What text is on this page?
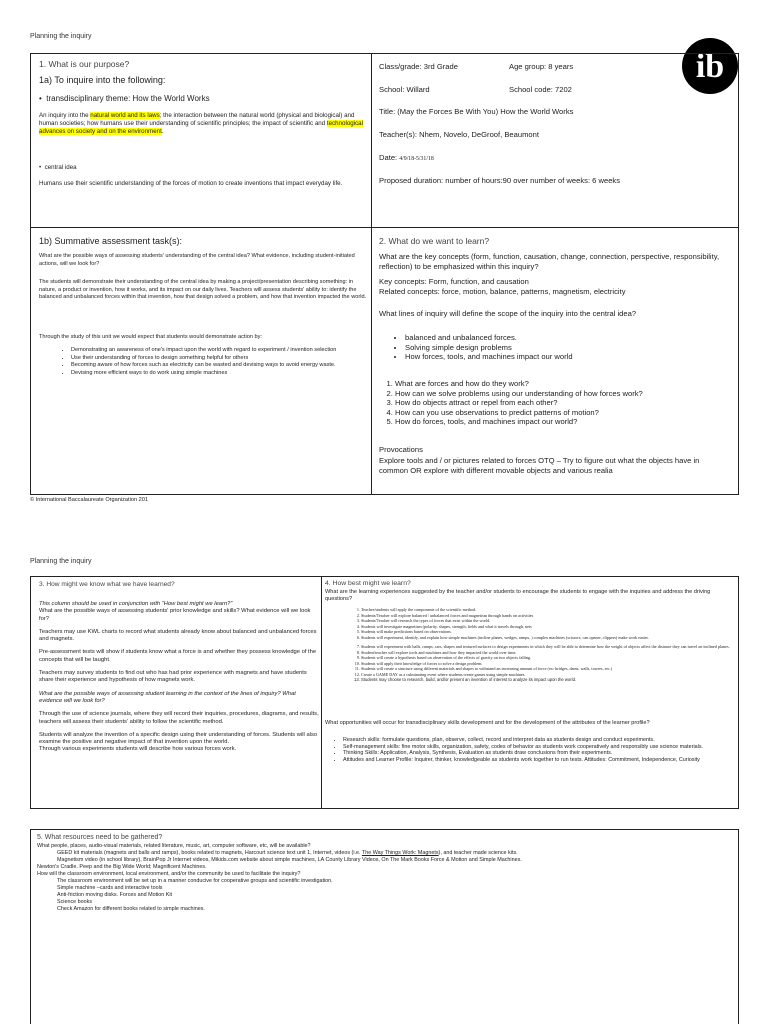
Planning the inquiry
ib
1. What is our purpose?
1a) To inquire into the following:
•  transdisciplinary theme: How the World Works
An inquiry into the natural world and its laws; the interaction between the natural world (physical and biological) and human societies; how humans use their understanding of scientific principles; the impact of scientific and technological advances on society and on the environment.
•  central idea
Humans use their scientific understanding of the forces of motion to create inventions that impact everyday life.
Class/grade: 3rd Grade	Age group: 8 years
School: Willard	School code: 7202
Title: (May the Forces Be With You) How the World Works
Teacher(s): Nhem, Novelo, DeGroof, Beaumont
Date: 4/9/18-5/31/18
Proposed duration: number of hours:90 over number of weeks: 6 weeks
1b) Summative assessment task(s):
What are the possible ways of assessing students' understanding of the central idea? What evidence, including student-initiated actions, will we look for?
The students will demonstrate their understanding of the central idea by making a project/presentation describing something: in nature, a product or invention, how it works, and its impact on our daily lives. Teachers will assess students' ability to: identify the balanced and unbalanced forces within that invention, how that design solved a problem, and how that invention impacted the world.
Through the study of this unit we would expect that students would demonstrate action by:
• Demonstrating an awareness of one's impact upon the world with regard to experiment / invention selection
• Use their understanding of forces to design something helpful for others
• Becoming aware of how forces such as electricity can be wasted and devising ways to avoid energy waste.
• Devising more efficient ways to do work using simple machines
2. What do we want to learn?
What are the key concepts (form, function, causation, change, connection, perspective, responsibility, reflection) to be emphasized within this inquiry?
Key concepts: Form, function, and causation
Related concepts: force, motion, balance, patterns, magnetism, electricity
What lines of inquiry will define the scope of the inquiry into the central idea?
• balanced and unbalanced forces.
• Solving simple design problems
• How forces, tools, and machines impact our world
1. What are forces and how do they work?
2. How can we solve problems using our understanding of how forces work?
3. How do objects attract or repel from each other?
4. How can you use observations to predict patterns of motion?
5. How do forces, tools, and machines impact our world?
Provocations
Explore tools and / or pictures related to forces OTQ – Try to figure out what the objects have in common OR explore with different movable objects and various realia
© International Baccalaureate Organization 201
Planning the inquiry
3. How might we know what we have learned?

This column should be used in conjunction with “How best might we learn?”

What are the possible ways of assessing students' prior knowledge and skills? What evidence will we look for?

Teachers may use KWL charts to record what students already know about balanced and unbalanced forces and magnets.

Pre-assessment tests will show if students know what a force is and whether they possess knowledge of the concepts that will be taught.

Teachers may survey students to find out who has had prior experience with magnets and have students share their experience and hypothesis of how magnets work.

What are the possible ways of assessing student learning in the context of the lines of inquiry? What evidence will we look for?

Through the use of science journals, where they will record their inquiries, procedures, diagrams, and results, teachers will assess their students' ability to follow the scientific method.

Students will analyze the invention of a specific design using their understanding of forces. Students will also examine the positive and negative impact of that invention upon the world.

Through various experiments students will describe how various forces work.

4. How best might we learn?
What are the learning experiences suggested by the teacher and/or students to encourage the students to engage with the inquiries and address the driving questions?
1. Teacher/students will apply the components of the scientific method.
2. Students/Teacher will explore balanced / unbalanced forces and magnetism through hands on activities
3. Students/Teacher will research the types of forces that exist within the world.
4. Students will investigate magnetism (polarity, shapes, strength, fields and what it travels through, nets
5. Students will make predictions based on observations.
6. Students will experiment, identify, and explain how simple machines (incline planes, wedges, ramps, ) complex machines (scissors, can opener, clippers) make work easier.
7. Students will experiment with balls, ramps, cars, shapes and textured surfaces to design experiments in which they will be able to determine how the weight of objects affect the distance they can travel on inclined planes.
8. Student/teacher will explore tools and machines and how they impacted the world over time.
9. Students will create a hypothesis based on observation of the effects of gravity on two objects falling.
10. Students will apply their knowledge of forces to solve a design problem.
11. Students will create a structure using different materials and shapes to withstand an increasing amount of force (ex: bridges, dams, walls, towers, etc.)
12. Create a GAME DAY as a culminating event where students create games using simple machines.
13. Students may choose to research, build, and/or present an invention of interest to analyze its impact upon the world.
What opportunities will occur for transdisciplinary skills development and for the development of the attributes of the learner profile?
• Research skills: formulate questions, plan, observe, collect, record and interpret data as students design and conduct experiments.
• Self-management skills: fine motor skills, organization, safety, codes of behavior as students work cooperatively and responsibly use science materials.
• Thinking Skills: Application, Analysis, Synthesis, Evaluation as students draw conclusions from their experiments.
• Attitudes and Learner Profile: Inquirer, thinker, knowledgeable as students work together to run tests. Attitudes: Commitment, Independence, Curiosity
5. What resources need to be gathered?

What people, places, audio-visual materials, related literature, music, art, computer software, etc, will be available?

GEED kit materials (magnets and balls and ramps), books related to magnets, Harcourt science text unit 1, Internet, videos (i.e. The Way Things Work: Magnets), and teacher made science kits.

Magnetism video (in school library), BrainPop Jr Internet videos, Mikids.com website about simple machines, LA County Library Videos, On The Mark Books Force & Motion and Simple Machines.

Newton's Cradle. Peep and the Big Wide World; Magnificent Machines.

How will the classroom environment, local environment, and/or the community be used to facilitate the inquiry?

The classroom environment will be set up in a manner conducive for cooperative groups and scientific investigation.

Simple machine –cards and interactive tools

Anti-friction moving disks. Forces and Motion Kit

Science books

Check Amazon for different books related to simple machines.
